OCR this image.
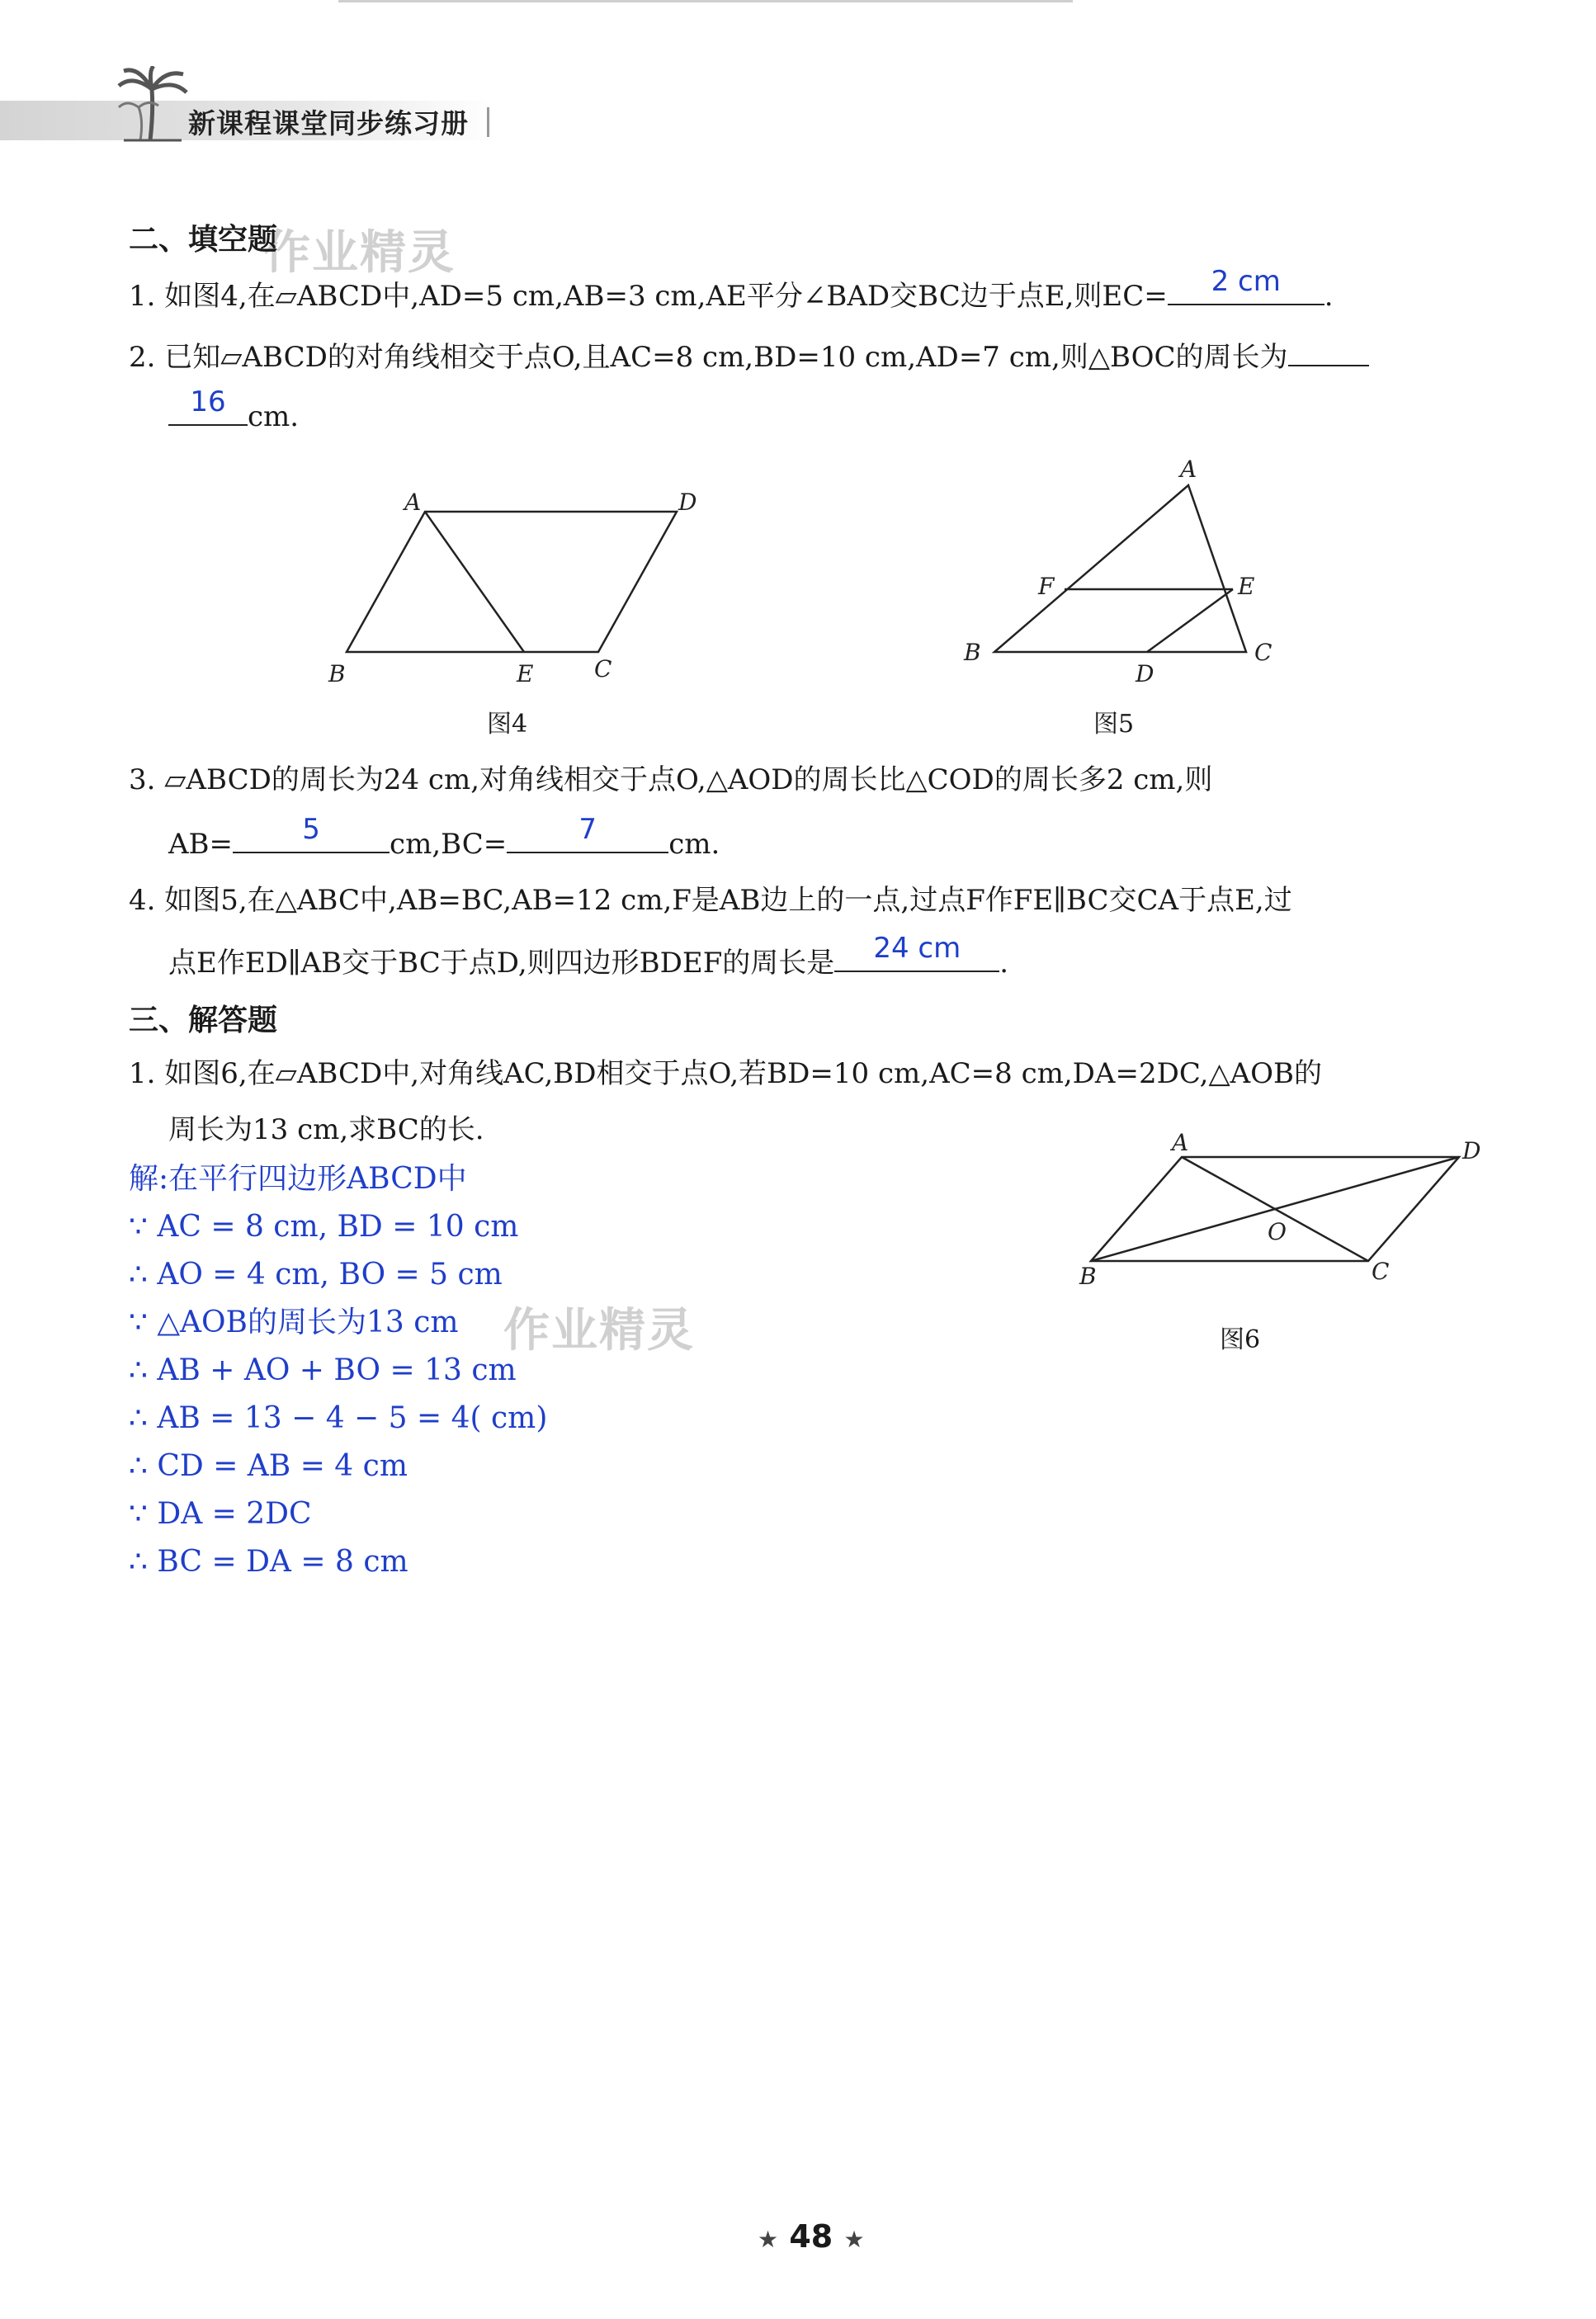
新课程课堂同步练习册
作业精灵
作业精灵
二、填空题
1. 如图4,在▱ABCD中,AD=5 cm,AB=3 cm,AE平分∠BAD交BC边于点E,则EC=	2 cm	.
2. 已知▱ABCD的对角线相交于点O,且AC=8 cm,BD=10 cm,AD=7 cm,则△BOC的周长为
16 cm.
A	D
B	E	C
图4
A
F	E
B
D
C
图5
3. ▱ABCD的周长为24 cm,对角线相交于点O,△AOD的周长比△COD的周长多2 cm,则
AB=	5	cm,BC=	7	cm.
4. 如图5,在△ABC中,AB=BC,AB=12 cm,F是AB边上的一点,过点F作FE∥BC交CA于点E,过
点E作ED∥AB交于BC于点D,则四边形BDEF的周长是	24 cm	.
三、解答题
1. 如图6,在▱ABCD中,对角线AC,BD相交于点O,若BD=10 cm,AC=8 cm,DA=2DC,△AOB的
周长为13 cm,求BC的长.	A	D
O
B	C
图6
解:在平行四边形ABCD中
∵ AC = 8 cm, BD = 10 cm
∴ AO = 4 cm, BO = 5 cm
∵ △AOB的周长为13 cm
∴ AB + AO + BO = 13 cm
∴ AB = 13 − 4 − 5 = 4( cm)
∴ CD = AB = 4 cm
∵ DA = 2DC
∴ BC = DA = 8 cm
★ 48 ★
